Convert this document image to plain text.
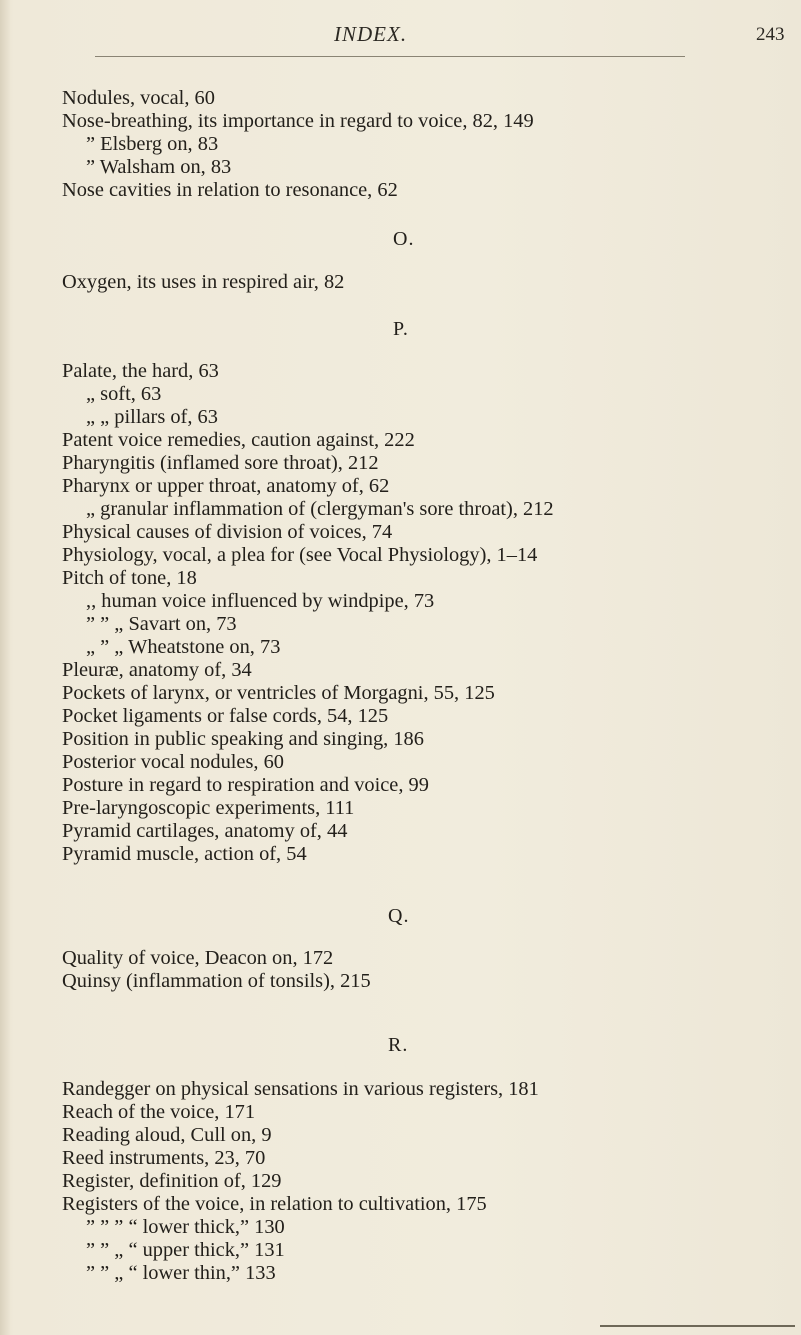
INDEX.	243
Nodules, vocal, 60
Nose-breathing, its importance in regard to voice, 82, 149
” Elsberg on, 83
” Walsham on, 83
Nose cavities in relation to resonance, 62
O.
Oxygen, its uses in respired air, 82
P.
Palate, the hard, 63
„ soft, 63
„ „ pillars of, 63
Patent voice remedies, caution against, 222
Pharyngitis (inflamed sore throat), 212
Pharynx or upper throat, anatomy of, 62
„ granular inflammation of (clergyman's sore throat), 212
Physical causes of division of voices, 74
Physiology, vocal, a plea for (see Vocal Physiology), 1–14
Pitch of tone, 18
,, human voice influenced by windpipe, 73
” ” „ Savart on, 73
„ ” „ Wheatstone on, 73
Pleuræ, anatomy of, 34
Pockets of larynx, or ventricles of Morgagni, 55, 125
Pocket ligaments or false cords, 54, 125
Position in public speaking and singing, 186
Posterior vocal nodules, 60
Posture in regard to respiration and voice, 99
Pre-laryngoscopic experiments, 111
Pyramid cartilages, anatomy of, 44
Pyramid muscle, action of, 54
Q.
Quality of voice, Deacon on, 172
Quinsy (inflammation of tonsils), 215
R.
Randegger on physical sensations in various registers, 181
Reach of the voice, 171
Reading aloud, Cull on, 9
Reed instruments, 23, 70
Register, definition of, 129
Registers of the voice, in relation to cultivation, 175
” ” ” “ lower thick,” 130
” ” „ “ upper thick,” 131
” ” „ “ lower thin,” 133
